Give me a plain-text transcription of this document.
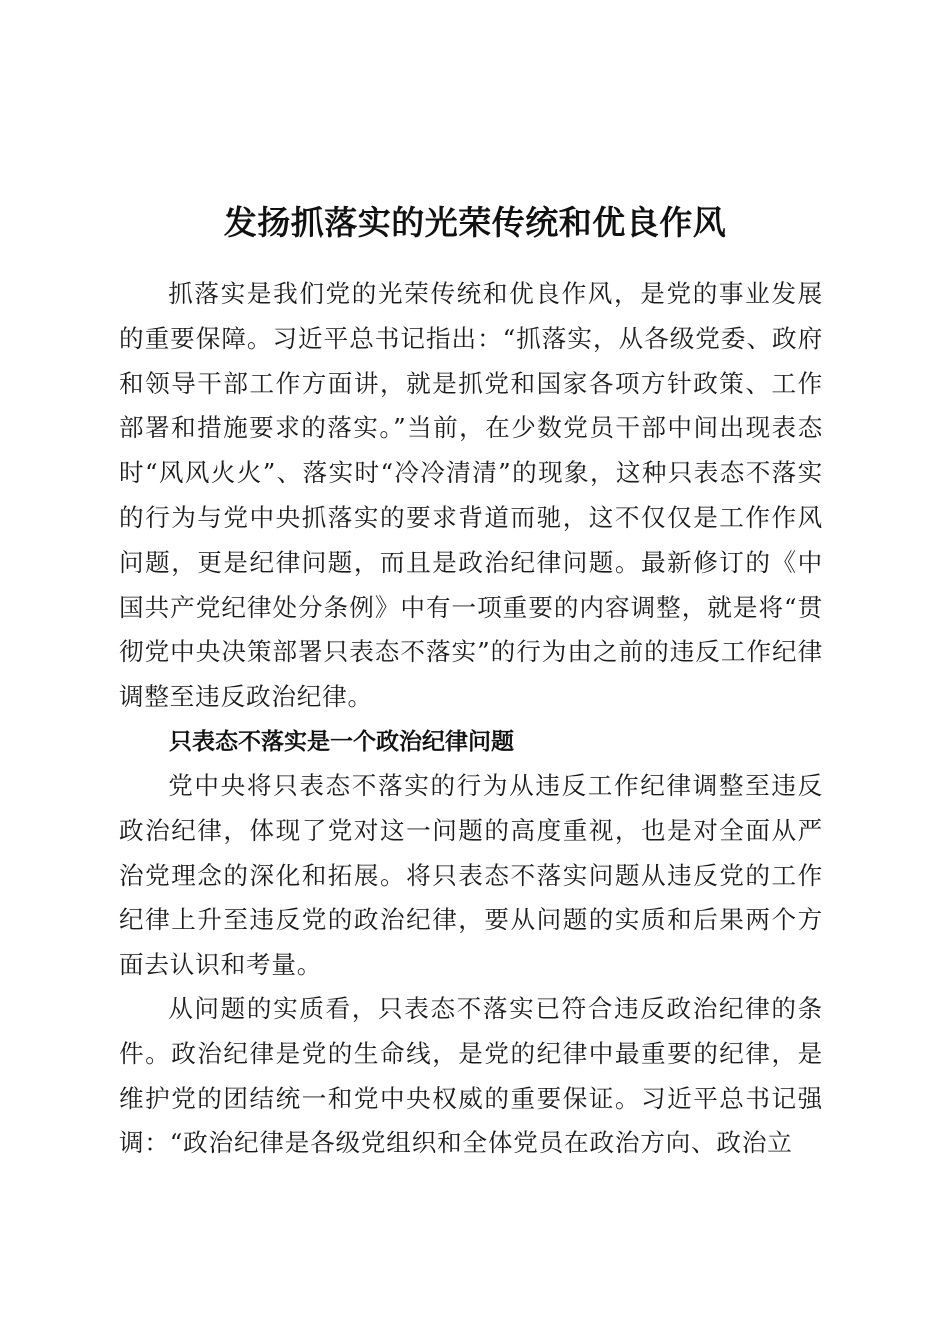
发扬抓落实的光荣传统和优良作风

抓落实是我们党的光荣传统和优良作风，是党的事业发展的重要保障。习近平总书记指出：“抓落实，从各级党委、政府和领导干部工作方面讲，就是抓党和国家各项方针政策、工作部署和措施要求的落实。”当前，在少数党员干部中间出现表态时“风风火火”、落实时“冷冷清清”的现象，这种只表态不落实的行为与党中央抓落实的要求背道而驰，这不仅仅是工作作风问题，更是纪律问题，而且是政治纪律问题。最新修订的《中国共产党纪律处分条例》中有一项重要的内容调整，就是将“贯彻党中央决策部署只表态不落实”的行为由之前的违反工作纪律调整至违反政治纪律。

只表态不落实是一个政治纪律问题

党中央将只表态不落实的行为从违反工作纪律调整至违反政治纪律，体现了党对这一问题的高度重视，也是对全面从严治党理念的深化和拓展。将只表态不落实问题从违反党的工作纪律上升至违反党的政治纪律，要从问题的实质和后果两个方面去认识和考量。

从问题的实质看，只表态不落实已符合违反政治纪律的条件。政治纪律是党的生命线，是党的纪律中最重要的纪律，是维护党的团结统一和党中央权威的重要保证。习近平总书记强调：“政治纪律是各级党组织和全体党员在政治方向、政治立
